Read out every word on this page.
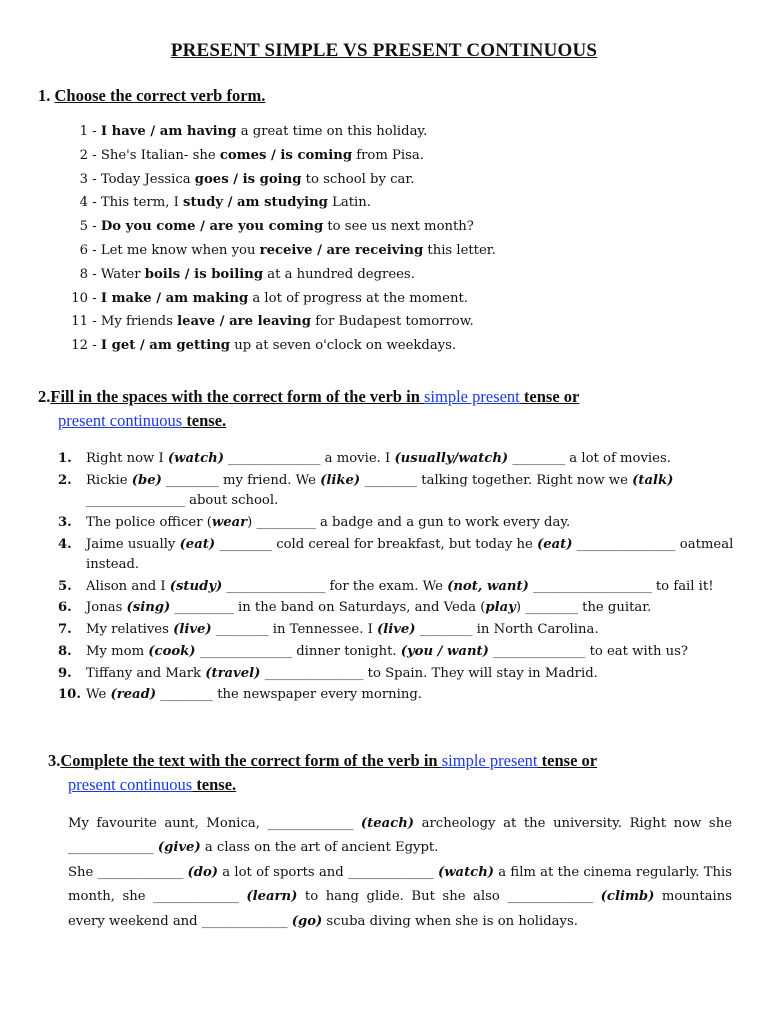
PRESENT SIMPLE VS PRESENT CONTINUOUS
1. Choose the correct verb form.
1 - I have / am having a great time on this holiday.
2 - She's Italian- she comes / is coming from Pisa.
3 - Today Jessica goes / is going to school by car.
4 - This term, I study / am studying Latin.
5 - Do you come / are you coming to see us next month?
6 - Let me know when you receive / are receiving this letter.
8 - Water boils / is boiling at a hundred degrees.
10 - I make / am making a lot of progress at the moment.
11 - My friends leave / are leaving for Budapest tomorrow.
12 - I get / am getting up at seven o'clock on weekdays.
2.Fill in the spaces with the correct form of the verb in simple present tense or
present continuous tense.
1.	Right now I (watch) ______________ a movie. I (usually/watch) ________ a lot of movies.
2.	Rickie (be) ________ my friend. We (like) ________ talking together. Right now we (talk) _______________ about school.
3.	The police officer (wear) _________ a badge and a gun to work every day.
4.	Jaime usually (eat) ________ cold cereal for breakfast, but today he (eat) _______________ oatmeal instead.
5.	Alison and I (study) _______________ for the exam. We (not, want) __________________ to fail it!
6.	Jonas (sing) _________ in the band on Saturdays, and Veda (play) ________ the guitar.
7.	My relatives (live) ________ in Tennessee. I (live) ________ in North Carolina.
8.	My mom (cook) ______________ dinner tonight. (you / want) ______________ to eat with us?
9.	Tiffany and Mark (travel) _______________ to Spain. They will stay in Madrid.
10. We (read) ________ the newspaper every morning.
3.Complete the text with the correct form of the verb in simple present tense or
present continuous tense.
My favourite aunt, Monica, _____________ (teach) archeology at the university. Right now she _____________ (give) a class on the art of ancient Egypt.
She _____________ (do) a lot of sports and _____________ (watch) a film at the cinema regularly. This month, she _____________ (learn) to hang glide. But she also _____________ (climb) mountains every weekend and _____________ (go) scuba diving when she is on holidays.
